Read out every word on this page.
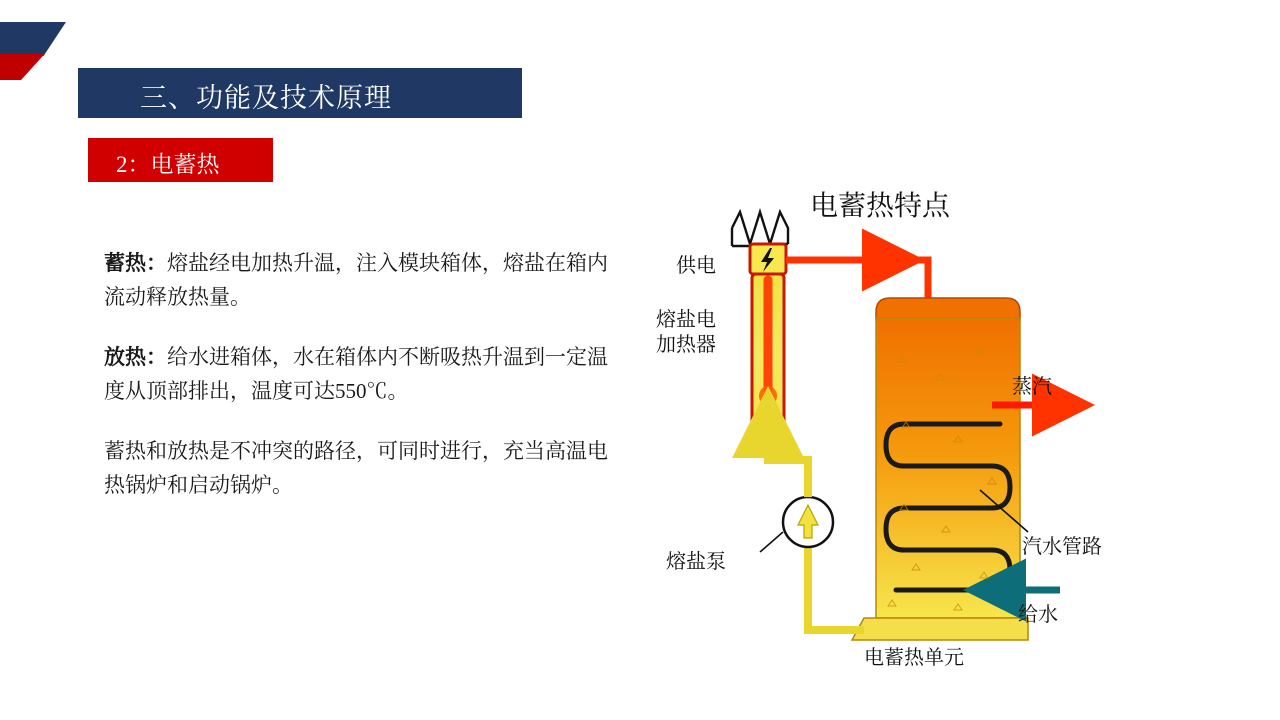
三、功能及技术原理
2：电蓄热
蓄热：熔盐经电加热升温，注入模块箱体，熔盐在箱内流动释放热量。
放热：给水进箱体，水在箱体内不断吸热升温到一定温度从顶部排出，温度可达550℃。
蓄热和放热是不冲突的路径，可同时进行，充当高温电热锅炉和启动锅炉。
电蓄热特点
供电
熔盐电
加热器
蒸汽
汽水管路
给水
熔盐泵
电蓄热单元
